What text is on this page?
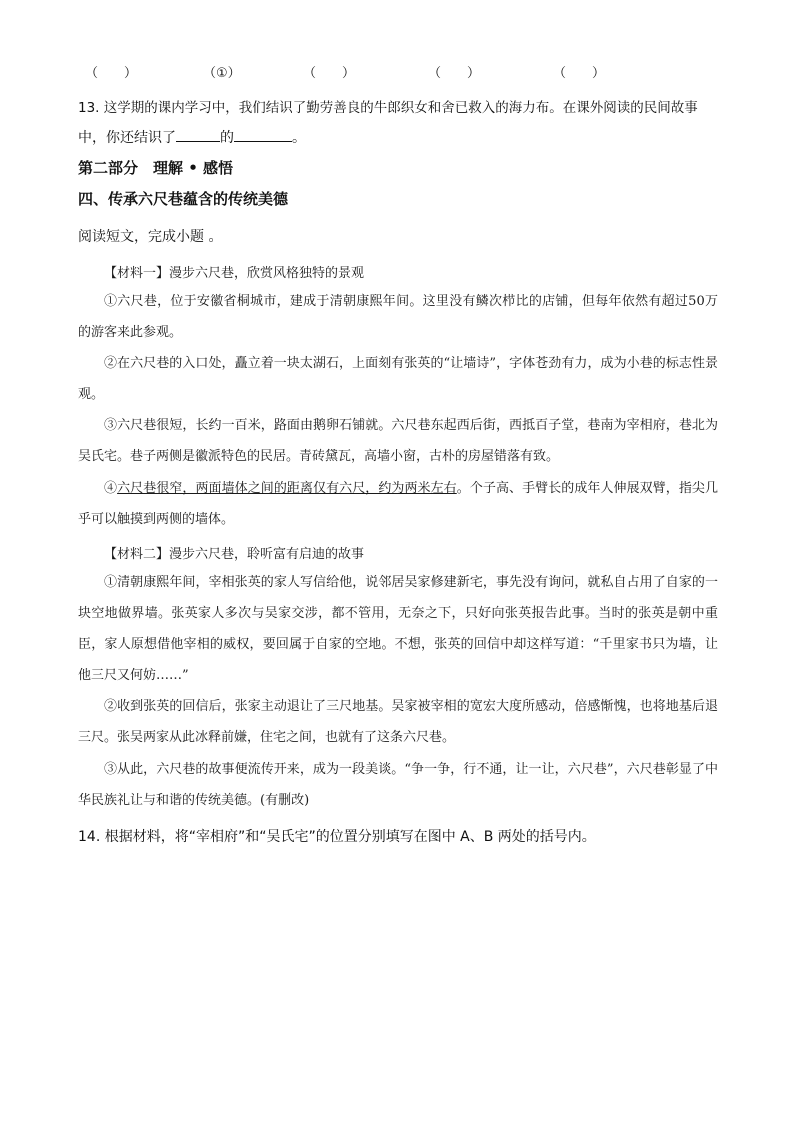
（　　）	（①）	（　　）	（　　）	（　　）
13. 这学期的课内学习中，我们结识了勤劳善良的牛郎织女和舍已救入的海力布。在课外阅读的民间故事
中，你还结识了	的	。
第二部分　理解 • 感悟
四、传承六尺巷蕴含的传统美德
阅读短文，完成小题 。
【材料一】漫步六尺巷，欣赏风格独特的景观
①六尺巷，位于安徽省桐城市，建成于清朝康熙年间。这里没有鳞次栉比的店铺，但每年依然有超过50万的游客来此参观。
②在六尺巷的入口处，矗立着一块太湖石，上面刻有张英的“让墙诗”，字体苍劲有力，成为小巷的标志性景观。
③六尺巷很短，长约一百米，路面由鹅卵石铺就。六尺巷东起西后街，西抵百子堂，巷南为宰相府，巷北为吴氏宅。巷子两侧是徽派特色的民居。青砖黛瓦，高墙小窗，古朴的房屋错落有致。
④六尺巷很窄，两面墙体之间的距离仅有六尺，约为两米左右。个子高、手臂长的成年人伸展双臂，指尖几乎可以触摸到两侧的墙体。
【材料二】漫步六尺巷，聆听富有启迪的故事
①清朝康熙年间，宰相张英的家人写信给他，说邻居吴家修建新宅，事先没有询问，就私自占用了自家的一块空地做界墙。张英家人多次与吴家交涉，都不管用，无奈之下，只好向张英报告此事。当时的张英是朝中重臣，家人原想借他宰相的威权，要回属于自家的空地。不想，张英的回信中却这样写道：“千里家书只为墙，让他三尺又何妨……”
②收到张英的回信后，张家主动退让了三尺地基。吴家被宰相的宽宏大度所感动，倍感惭愧，也将地基后退三尺。张吴两家从此冰释前嫌，住宅之间，也就有了这条六尺巷。
③从此，六尺巷的故事便流传开来，成为一段美谈。“争一争，行不通，让一让，六尺巷”，六尺巷彰显了中华民族礼让与和谐的传统美德。(有删改)
14. 根据材料，将“宰相府”和“吴氏宅”的位置分别填写在图中 A、B 两处的括号内。
